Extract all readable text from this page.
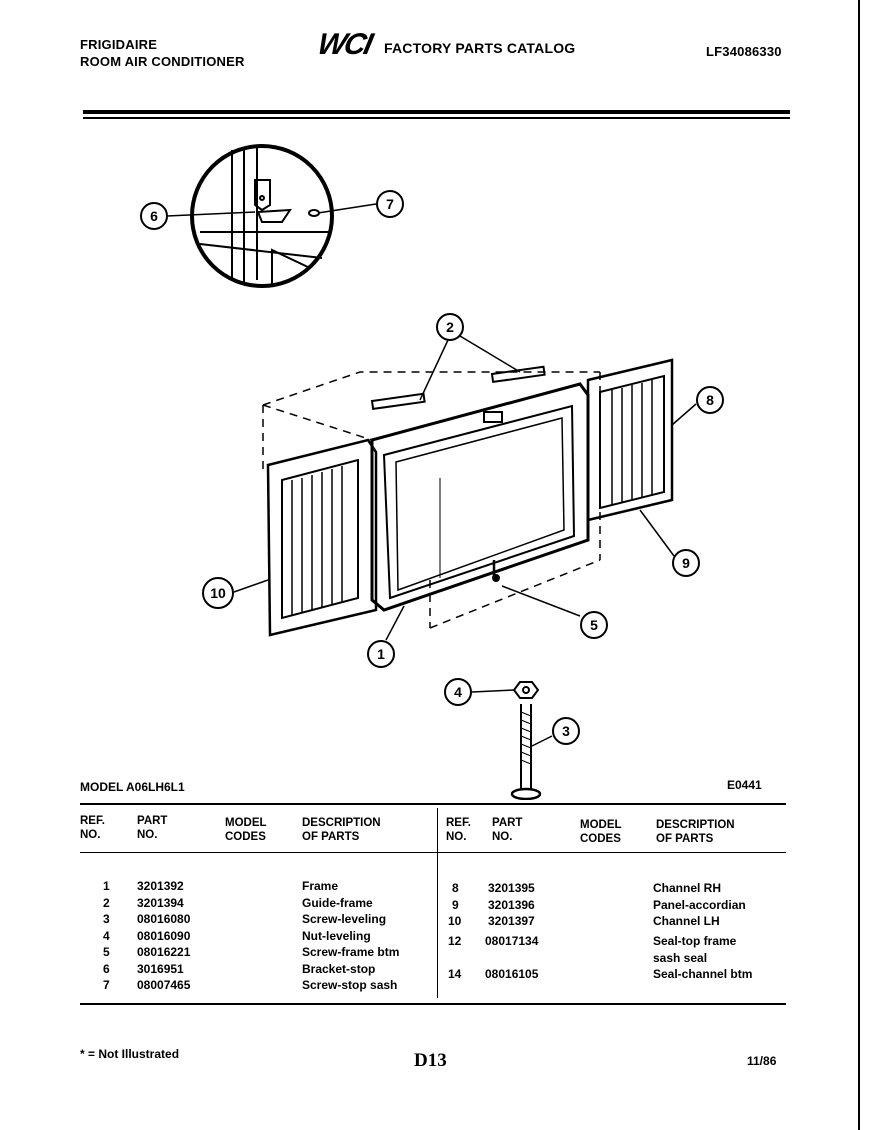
FRIGIDAIRE
ROOM AIR CONDITIONER
WCI FACTORY PARTS CATALOG	LF34086330
6
7
2
8
9
10
1
5
4
3
MODEL A06LH6L1	E0441
REF.
NO.
PART
NO.
MODEL
CODES
DESCRIPTION
OF PARTS
REF.
NO.
PART
NO.
MODEL
CODES
DESCRIPTION
OF PARTS
1 3201392	Frame
2 3201394	Guide-frame
3 08016080	Screw-leveling
4 08016090	Nut-leveling
5 08016221	Screw-frame btm
6 3016951	Bracket-stop
7 08007465	Screw-stop sash
8 3201395	Channel RH
9 3201396	Panel-accordian
10 3201397	Channel LH
12 08017134	Seal-top frame
sash seal
14 08016105	Seal-channel btm
* = Not Illustrated	D13	11/86
